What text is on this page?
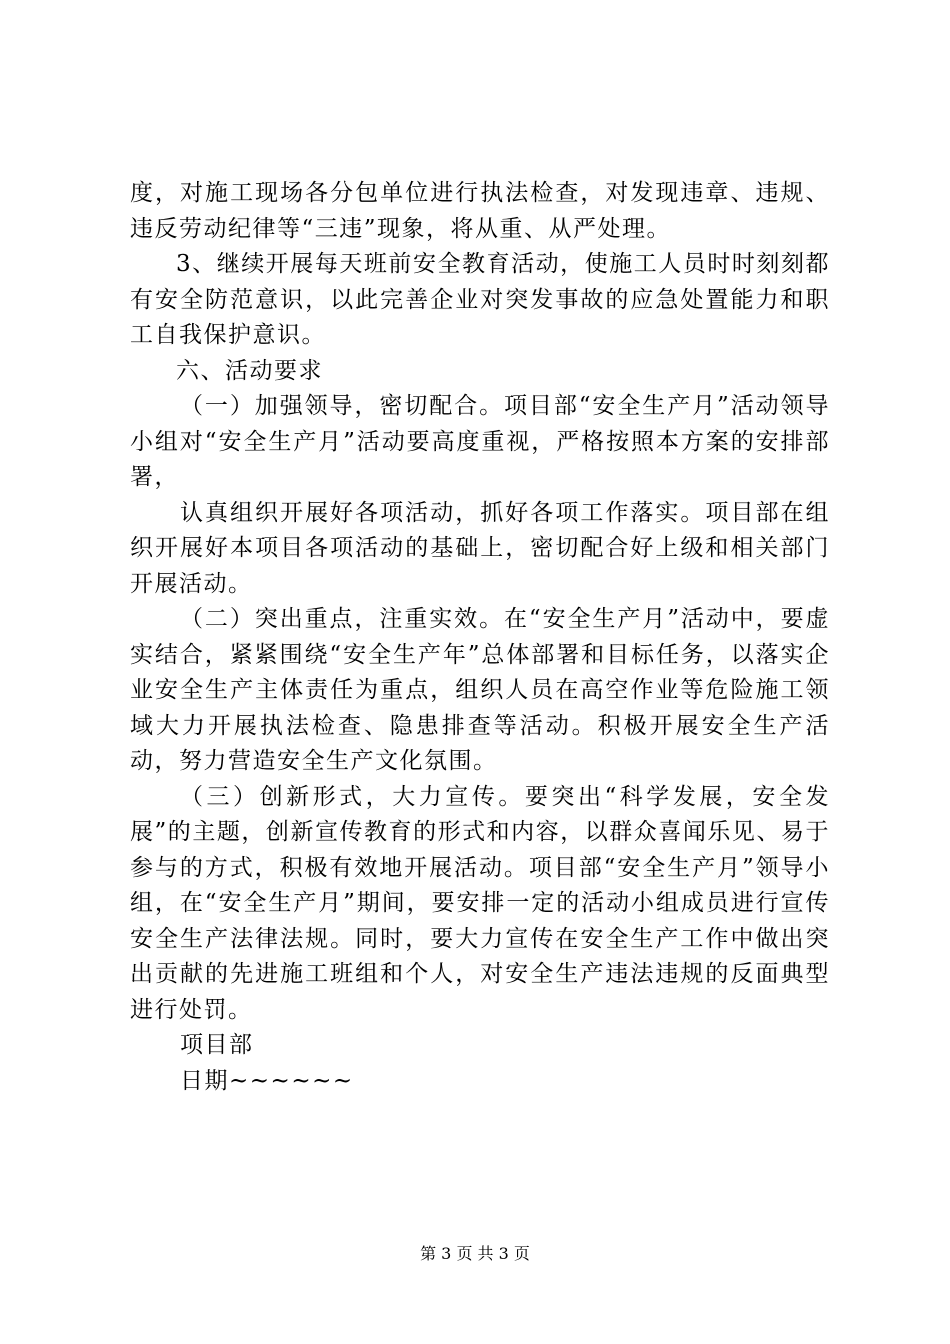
度，对施工现场各分包单位进行执法检查，对发现违章、违规、违反劳动纪律等“三违”现象，将从重、从严处理。

3、继续开展每天班前安全教育活动，使施工人员时时刻刻都有安全防范意识，以此完善企业对突发事故的应急处置能力和职工自我保护意识。

六、活动要求

（一）加强领导，密切配合。项目部“安全生产月”活动领导小组对“安全生产月”活动要高度重视，严格按照本方案的安排部署，

认真组织开展好各项活动，抓好各项工作落实。项目部在组织开展好本项目各项活动的基础上，密切配合好上级和相关部门开展活动。

（二）突出重点，注重实效。在“安全生产月”活动中，要虚实结合，紧紧围绕“安全生产年”总体部署和目标任务，以落实企业安全生产主体责任为重点，组织人员在高空作业等危险施工领域大力开展执法检查、隐患排查等活动。积极开展安全生产活动，努力营造安全生产文化氛围。

（三）创新形式，大力宣传。要突出“科学发展，安全发展”的主题，创新宣传教育的形式和内容，以群众喜闻乐见、易于参与的方式，积极有效地开展活动。项目部“安全生产月”领导小组，在“安全生产月”期间，要安排一定的活动小组成员进行宣传安全生产法律法规。同时，要大力宣传在安全生产工作中做出突出贡献的先进施工班组和个人，对安全生产违法违规的反面典型进行处罚。

项目部

日期~~~~~~

第 3 页 共 3 页
